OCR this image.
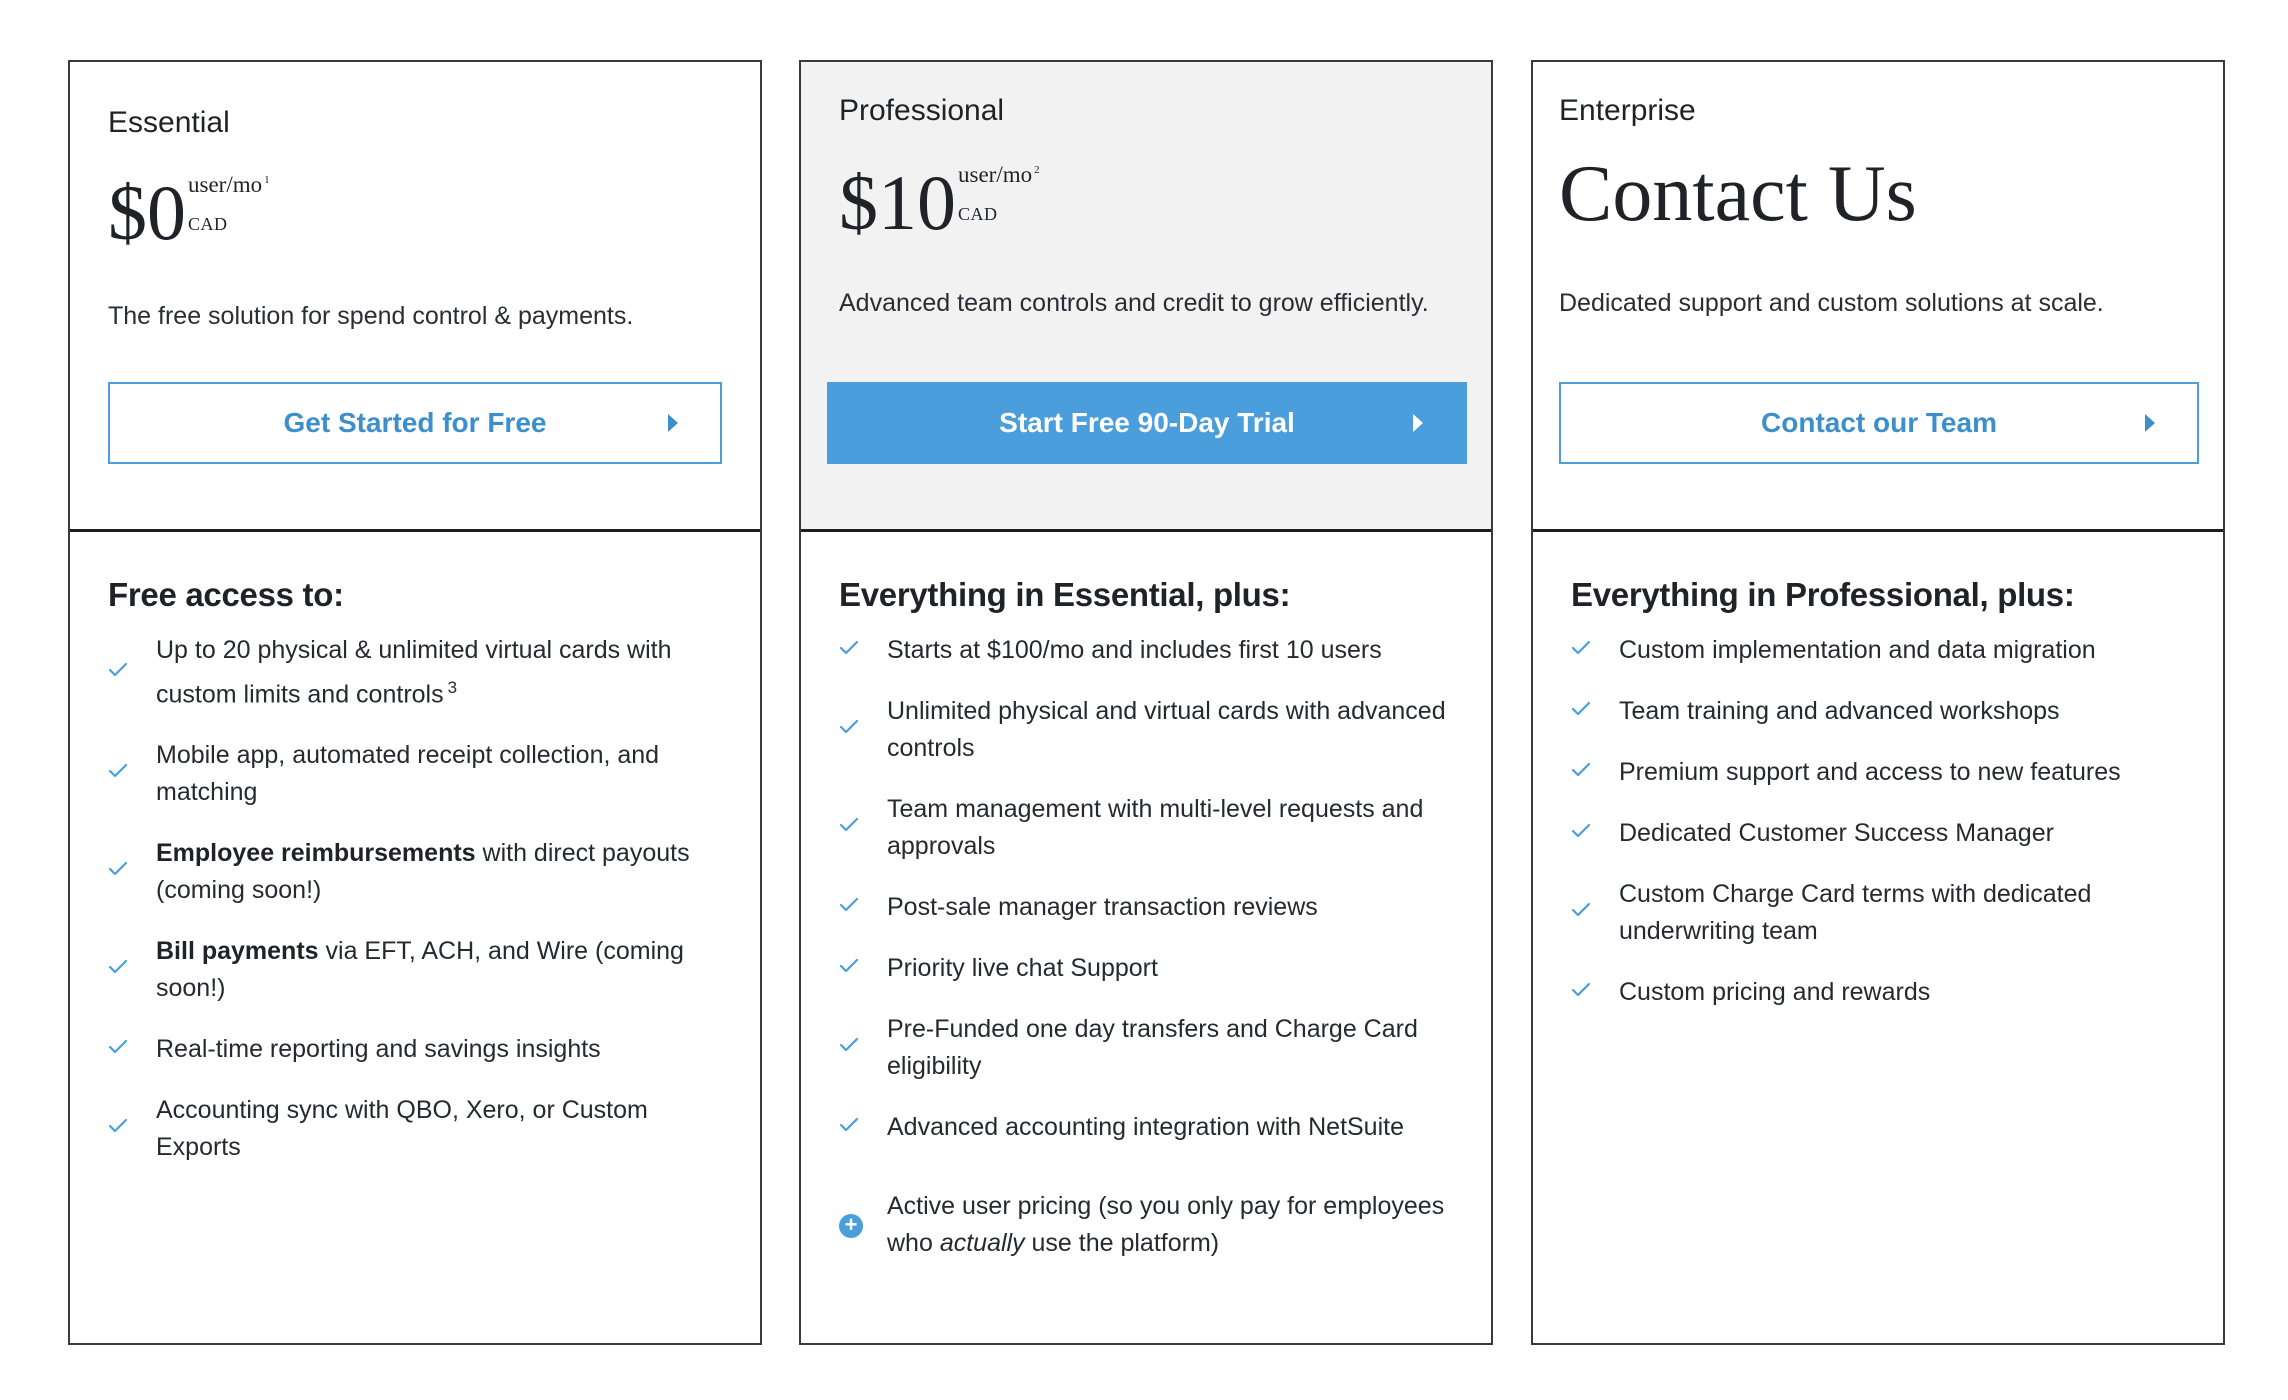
Essential
$0 user/mo $^1$
CAD
The free solution for spend control & payments.
Get Started for Free
Free access to:
Up to 20 physical & unlimited virtual cards with custom limits and controls $^3$
Mobile app, automated receipt collection, and matching
Employee reimbursements with direct payouts (coming soon!)
Bill payments via EFT, ACH, and Wire (coming soon!)
Real-time reporting and savings insights
Accounting sync with QBO, Xero, or Custom Exports
Professional
$10 user/mo $^2$
CAD
Advanced team controls and credit to grow efficiently.
Start Free 90-Day Trial
Everything in Essential, plus:
Starts at $100/mo and includes first 10 users
Unlimited physical and virtual cards with advanced controls
Team management with multi-level requests and approvals
Post-sale manager transaction reviews
Priority live chat Support
Pre-Funded one day transfers and Charge Card eligibility
Advanced accounting integration with NetSuite
+
Active user pricing (so you only pay for employees who actually use the platform)
Enterprise
Contact Us
Dedicated support and custom solutions at scale.
Contact our Team
Everything in Professional, plus:
Custom implementation and data migration
Team training and advanced workshops
Premium support and access to new features
Dedicated Customer Success Manager
Custom Charge Card terms with dedicated underwriting team
Custom pricing and rewards
